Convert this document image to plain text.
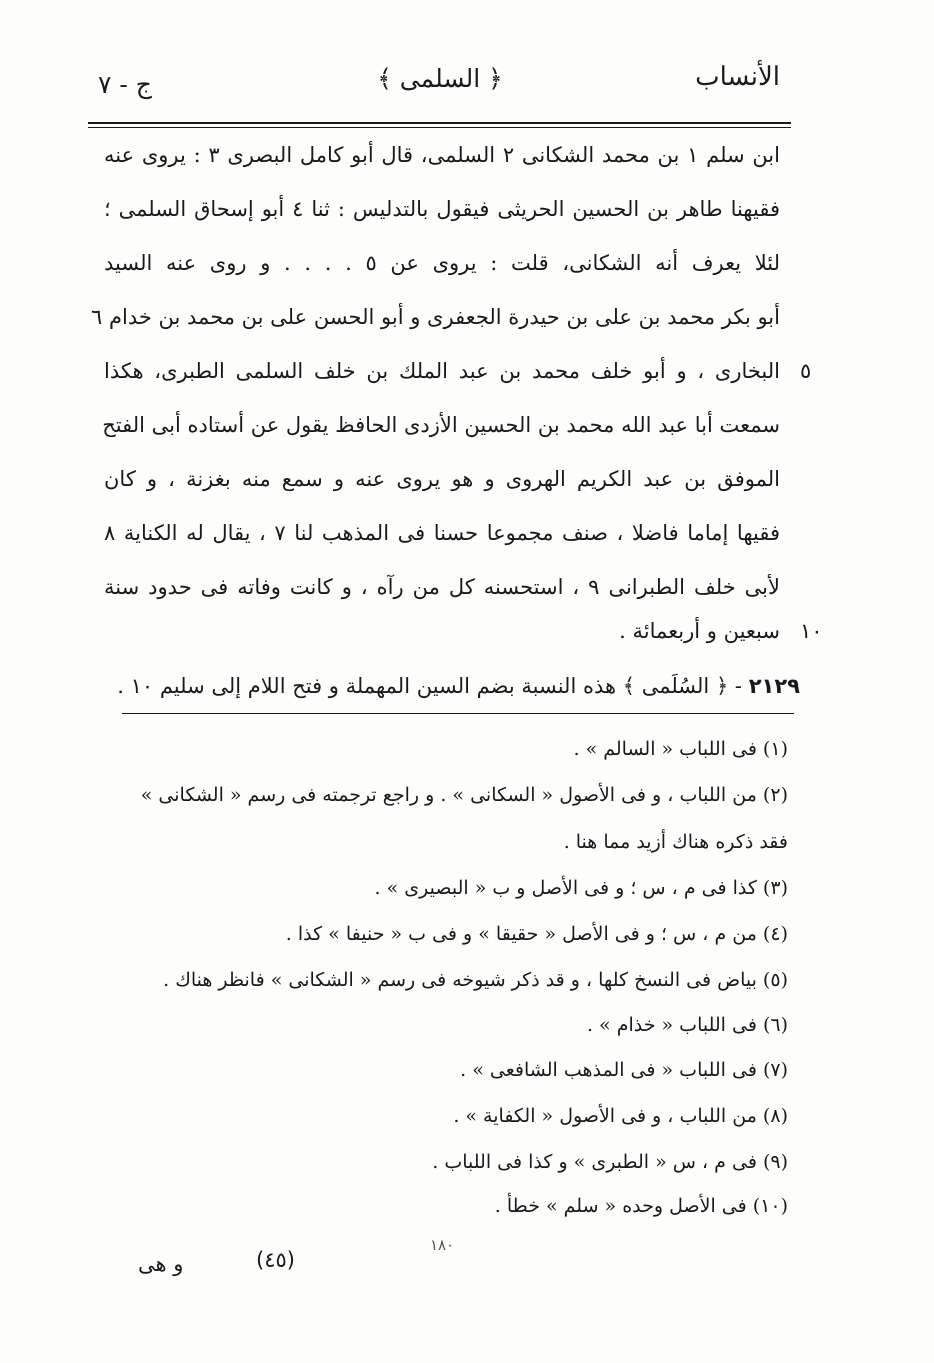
الأنساب
﴿ السلمى ﴾
ج - ٧
ابن سلم ١ بن محمد الشكانى ٢ السلمى، قال أبو كامل البصرى ٣ : يروى عنه
فقيهنا طاهر بن الحسين الحريثى فيقول بالتدليس : ثنا ٤ أبو إسحاق السلمى ؛
لئلا يعرف أنه الشكانى، قلت : يروى عن ٥ . . . . و روى عنه السيد
أبو بكر محمد بن على بن حيدرة الجعفرى و أبو الحسن على بن محمد بن خدام ٦
البخارى ، و أبو خلف محمد بن عبد الملك بن خلف السلمى الطبرى، هكذا
سمعت أبا عبد الله محمد بن الحسين الأزدى الحافظ يقول عن أستاده أبى الفتح
الموفق بن عبد الكريم الهروى و هو يروى عنه و سمع منه بغزنة ، و كان
فقيها إماما فاضلا ، صنف مجموعا حسنا فى المذهب لنا ٧ ، يقال له الكناية ٨
لأبى خلف الطبرانى ٩ ، استحسنه كل من رآه ، و كانت وفاته فى حدود سنة
سبعين و أربعمائة .
٥
١٠
٢١٢٩ - ﴿ السُلَمى ﴾ هذه النسبة بضم السين المهملة و فتح اللام إلى سليم ١٠ .
(١) فى اللباب « السالم » .
(٢) من اللباب ، و فى الأصول « السكانى » . و راجع ترجمته فى رسم « الشكانى »
فقد ذكره هناك أزيد مما هنا .
(٣) كذا فى م ، س ؛ و فى الأصل و ب « البصيرى » .
(٤) من م ، س ؛ و فى الأصل « حقيقا » و فى ب « حنيفا » كذا .
(٥) بياض فى النسخ كلها ، و قد ذكر شيوخه فى رسم « الشكانى » فانظر هناك .
(٦) فى اللباب « خذام » .
(٧) فى اللباب « فى المذهب الشافعى » .
(٨) من اللباب ، و فى الأصول « الكفاية » .
(٩) فى م ، س « الطبرى » و كذا فى اللباب .
(١٠) فى الأصل وحده « سلم » خطأ .
و هى	(٤٥)
١٨٠
